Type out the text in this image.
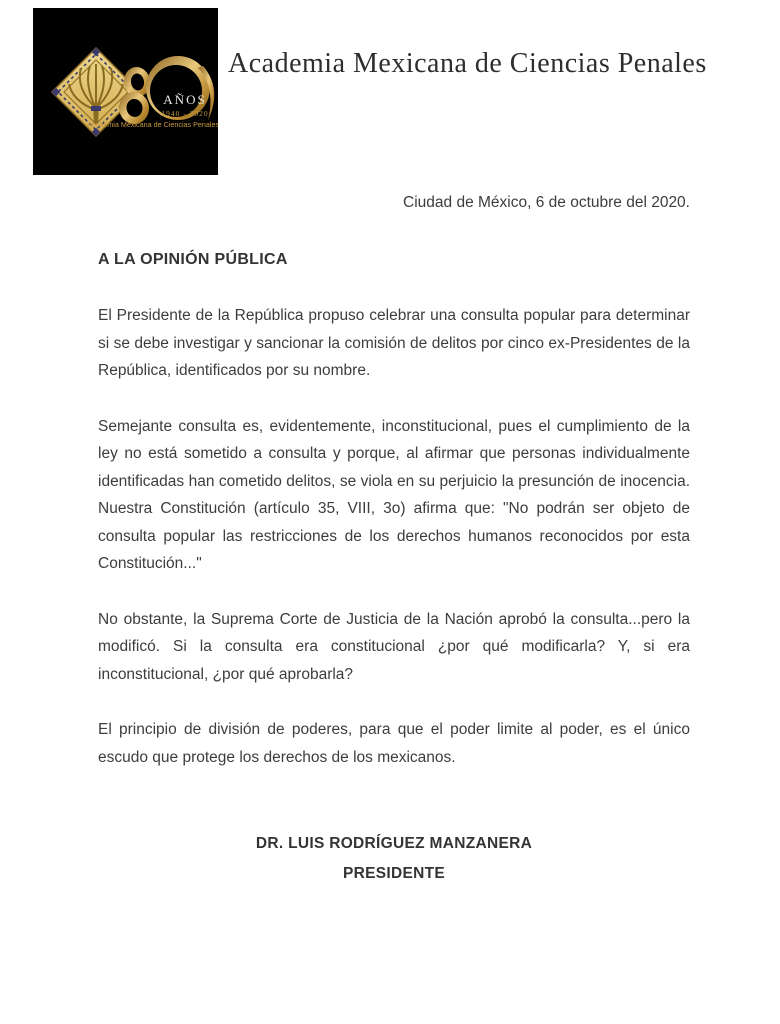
AÑOS
1940 - 2020
Academia Mexicana de Ciencias Penales
Academia Mexicana de Ciencias Penales
Ciudad de México, 6 de octubre del 2020.
A LA OPINIÓN PÚBLICA

El Presidente de la República propuso celebrar una consulta popular para determinar si se debe investigar y sancionar la comisión de delitos por cinco ex-Presidentes de la República, identificados por su nombre.

Semejante consulta es, evidentemente, inconstitucional, pues el cumplimiento de la ley no está sometido a consulta y porque, al afirmar que personas individualmente identificadas han cometido delitos, se viola en su perjuicio la presunción de inocencia. Nuestra Constitución (artículo 35, VIII, 3o) afirma que: "No podrán ser objeto de consulta popular las restricciones de los derechos humanos reconocidos por esta Constitución..."

No obstante, la Suprema Corte de Justicia de la Nación aprobó la consulta...pero la modificó. Si la consulta era constitucional ¿por qué modificarla? Y, si era inconstitucional, ¿por qué aprobarla?

El principio de división de poderes, para que el poder limite al poder, es el único escudo que protege los derechos de los mexicanos.

DR. LUIS RODRÍGUEZ MANZANERA
PRESIDENTE
